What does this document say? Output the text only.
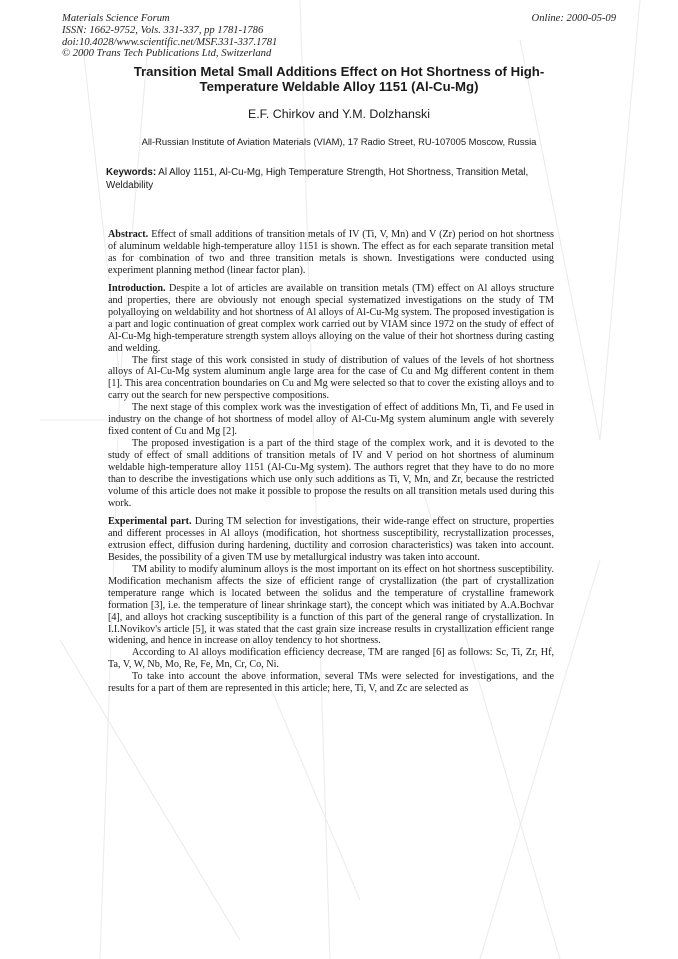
Materials Science Forum
ISSN: 1662-9752, Vols. 331-337, pp 1781-1786
doi:10.4028/www.scientific.net/MSF.331-337.1781
© 2000 Trans Tech Publications Ltd, Switzerland
Online: 2000-05-09
Transition Metal Small Additions Effect on Hot Shortness of High-Temperature Weldable Alloy 1151 (Al-Cu-Mg)
E.F. Chirkov and Y.M. Dolzhanski
All-Russian Institute of Aviation Materials (VIAM), 17 Radio Street, RU-107005 Moscow, Russia
Keywords: Al Alloy 1151, Al-Cu-Mg, High Temperature Strength, Hot Shortness, Transition Metal, Weldability

Abstract. Effect of small additions of transition metals of IV (Ti, V, Mn) and V (Zr) period on hot shortness of aluminum weldable high-temperature alloy 1151 is shown. The effect as for each separate transition metal as for combination of two and three transition metals is shown. Investigations were conducted using experiment planning method (linear factor plan).

Introduction. Despite a lot of articles are available on transition metals (TM) effect on Al alloys structure and properties, there are obviously not enough special systematized investigations on the study of TM polyalloying on weldability and hot shortness of Al alloys of Al-Cu-Mg system. The proposed investigation is a part and logic continuation of great complex work carried out by VIAM since 1972 on the study of effect of Al-Cu-Mg high-temperature strength system alloys alloying on the value of their hot shortness during casting and welding.

The first stage of this work consisted in study of distribution of values of the levels of hot shortness alloys of Al-Cu-Mg system aluminum angle large area for the case of Cu and Mg different content in them [1]. This area concentration boundaries on Cu and Mg were selected so that to cover the existing alloys and to carry out the search for new perspective compositions.

The next stage of this complex work was the investigation of effect of additions Mn, Ti, and Fe used in industry on the change of hot shortness of model alloy of Al-Cu-Mg system aluminum angle with severely fixed content of Cu and Mg [2].

The proposed investigation is a part of the third stage of the complex work, and it is devoted to the study of effect of small additions of transition metals of IV and V period on hot shortness of aluminum weldable high-temperature alloy 1151 (Al-Cu-Mg system). The authors regret that they have to do no more than to describe the investigations which use only such additions as Ti, V, Mn, and Zr, because the restricted volume of this article does not make it possible to propose the results on all transition metals used during this work.

Experimental part. During TM selection for investigations, their wide-range effect on structure, properties and different processes in Al alloys (modification, hot shortness susceptibility, recrystallization processes, extrusion effect, diffusion during hardening, ductility and corrosion characteristics) was taken into account. Besides, the possibility of a given TM use by metallurgical industry was taken into account.

TM ability to modify aluminum alloys is the most important on its effect on hot shortness susceptibility. Modification mechanism affects the size of efficient range of crystallization (the part of crystallization temperature range which is located between the solidus and the temperature of crystalline framework formation [3], i.e. the temperature of linear shrinkage start), the concept which was initiated by A.A.Bochvar [4], and alloys hot cracking susceptibility is a function of this part of the general range of crystallization. In I.I.Novikov's article [5], it was stated that the cast grain size increase results in crystallization efficient range widening, and hence in increase on alloy tendency to hot shortness.

According to Al alloys modification efficiency decrease, TM are ranged [6] as follows: Sc, Ti, Zr, Hf, Ta, V, W, Nb, Mo, Re, Fe, Mn, Cr, Co, Ni.

To take into account the above information, several TMs were selected for investigations, and the results for a part of them are represented in this article; here, Ti, V, and Zc are selected as
